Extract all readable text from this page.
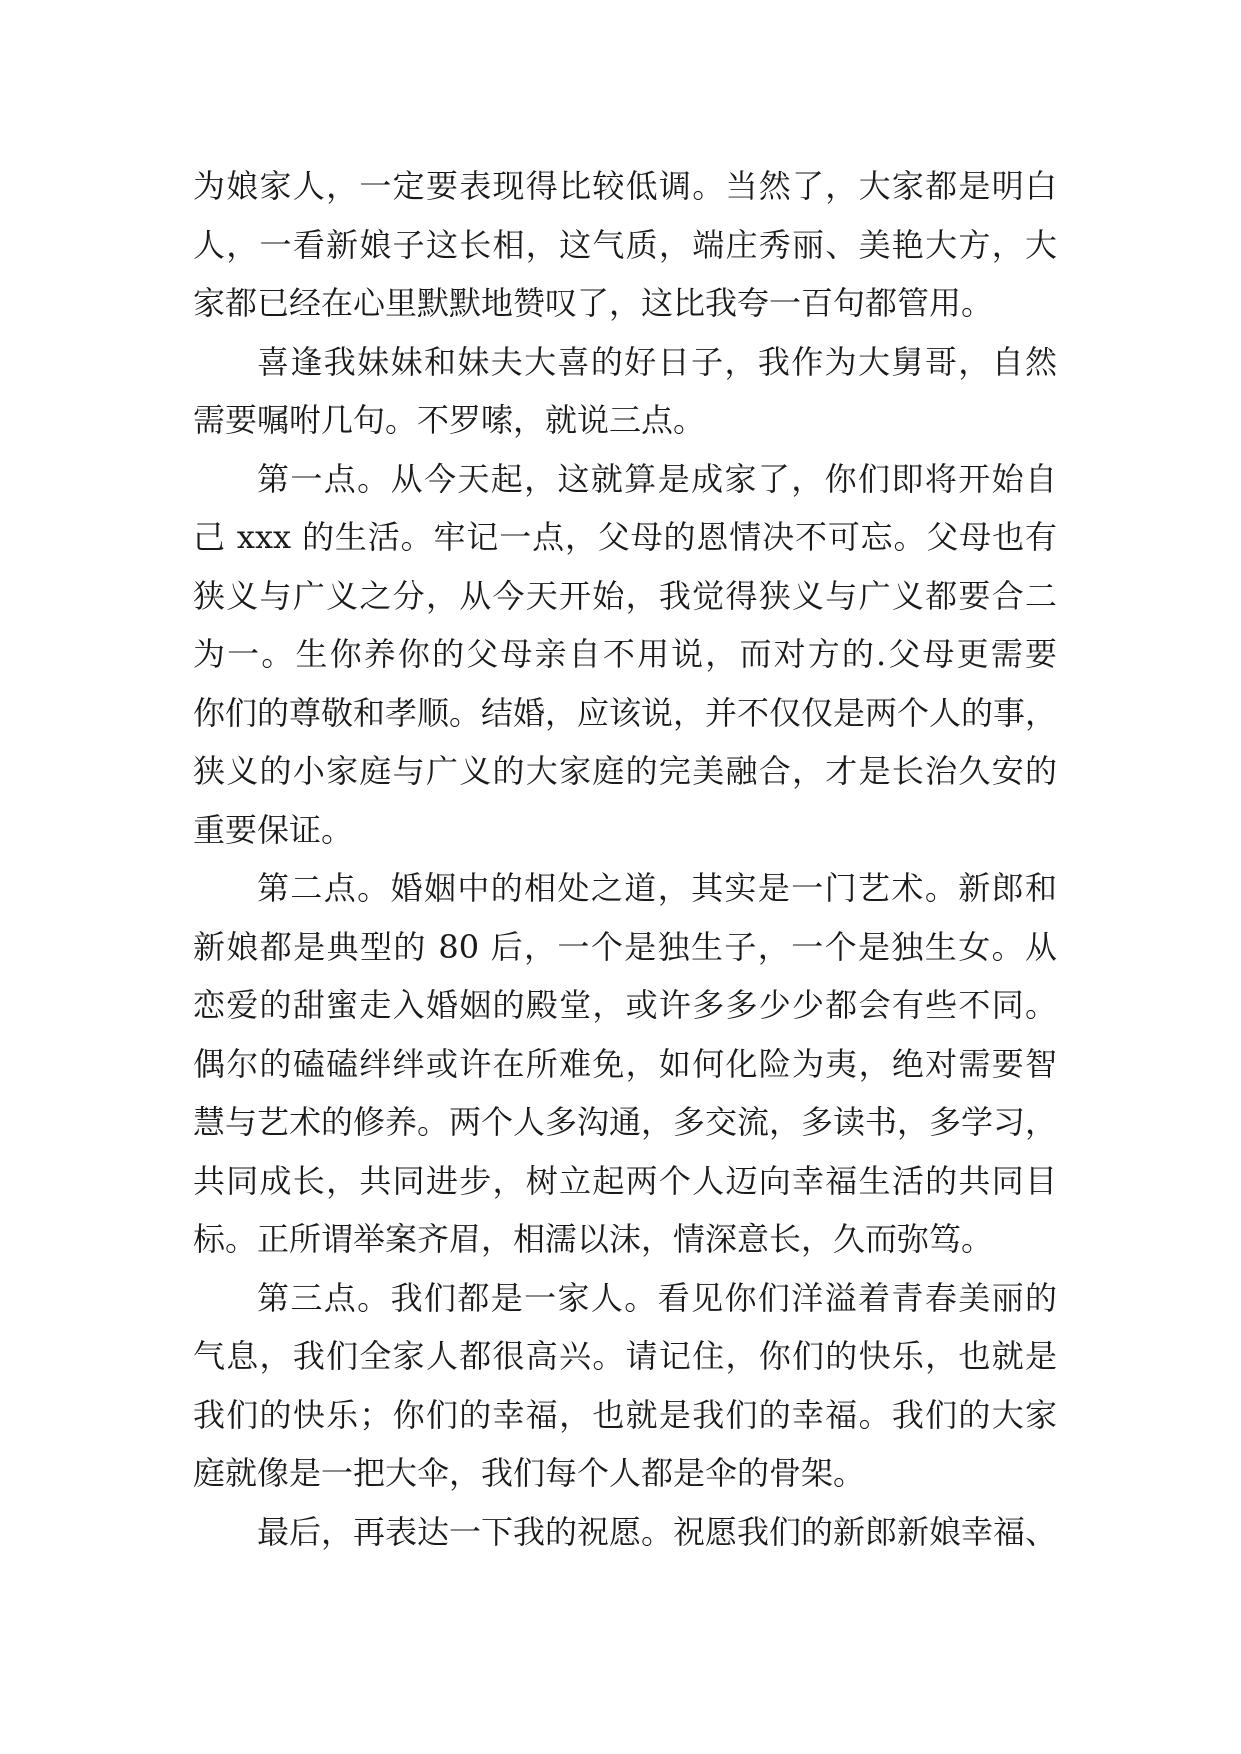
为娘家人，一定要表现得比较低调。当然了，大家都是明白
人，一看新娘子这长相，这气质，端庄秀丽、美艳大方，大
家都已经在心里默默地赞叹了，这比我夸一百句都管用。
喜逢我妹妹和妹夫大喜的好日子，我作为大舅哥，自然
需要嘱咐几句。不罗嗦，就说三点。
第一点。从今天起，这就算是成家了，你们即将开始自
己 xxx 的生活。牢记一点，父母的恩情决不可忘。父母也有
狭义与广义之分，从今天开始，我觉得狭义与广义都要合二
为一。生你养你的父母亲自不用说，而对方的.父母更需要
你们的尊敬和孝顺。结婚，应该说，并不仅仅是两个人的事，
狭义的小家庭与广义的大家庭的完美融合，才是长治久安的
重要保证。
第二点。婚姻中的相处之道，其实是一门艺术。新郎和
新娘都是典型的 80 后，一个是独生子，一个是独生女。从
恋爱的甜蜜走入婚姻的殿堂，或许多多少少都会有些不同。
偶尔的磕磕绊绊或许在所难免，如何化险为夷，绝对需要智
慧与艺术的修养。两个人多沟通，多交流，多读书，多学习，
共同成长，共同进步，树立起两个人迈向幸福生活的共同目
标。正所谓举案齐眉，相濡以沫，情深意长，久而弥笃。
第三点。我们都是一家人。看见你们洋溢着青春美丽的
气息，我们全家人都很高兴。请记住，你们的快乐，也就是
我们的快乐；你们的幸福，也就是我们的幸福。我们的大家
庭就像是一把大伞，我们每个人都是伞的骨架。
最后，再表达一下我的祝愿。祝愿我们的新郎新娘幸福、
